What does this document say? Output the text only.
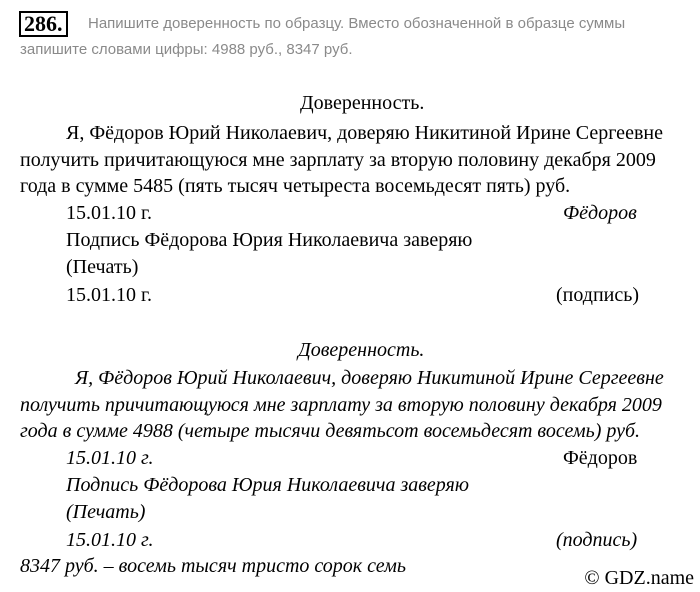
286.	Напишите доверенность по образцу. Вместо обозначенной в образце суммы
запишите словами цифры: 4988 руб., 8347 руб.
Доверенность.
Я, Фёдоров Юрий Николаевич, доверяю Никитиной Ирине Сергеевне
получить причитающуюся мне зарплату за вторую половину декабря 2009
года в сумме 5485 (пять тысяч четыреста восемьдесят пять) руб.
15.01.10 г.	Фёдоров
Подпись Фёдорова Юрия Николаевича заверяю
(Печать)
15.01.10 г.	(подпись)
Доверенность.
Я, Фёдоров Юрий Николаевич, доверяю Никитиной Ирине Сергеевне
получить причитающуюся мне зарплату за вторую половину декабря 2009
года в сумме 4988 (четыре тысячи девятьсот восемьдесят восемь) руб.
15.01.10 г.	Фёдоров
Подпись Фёдорова Юрия Николаевича заверяю
(Печать)
15.01.10 г.	(подпись)
8347 руб. – восемь тысяч тристо сорок семь
© GDZ.name
